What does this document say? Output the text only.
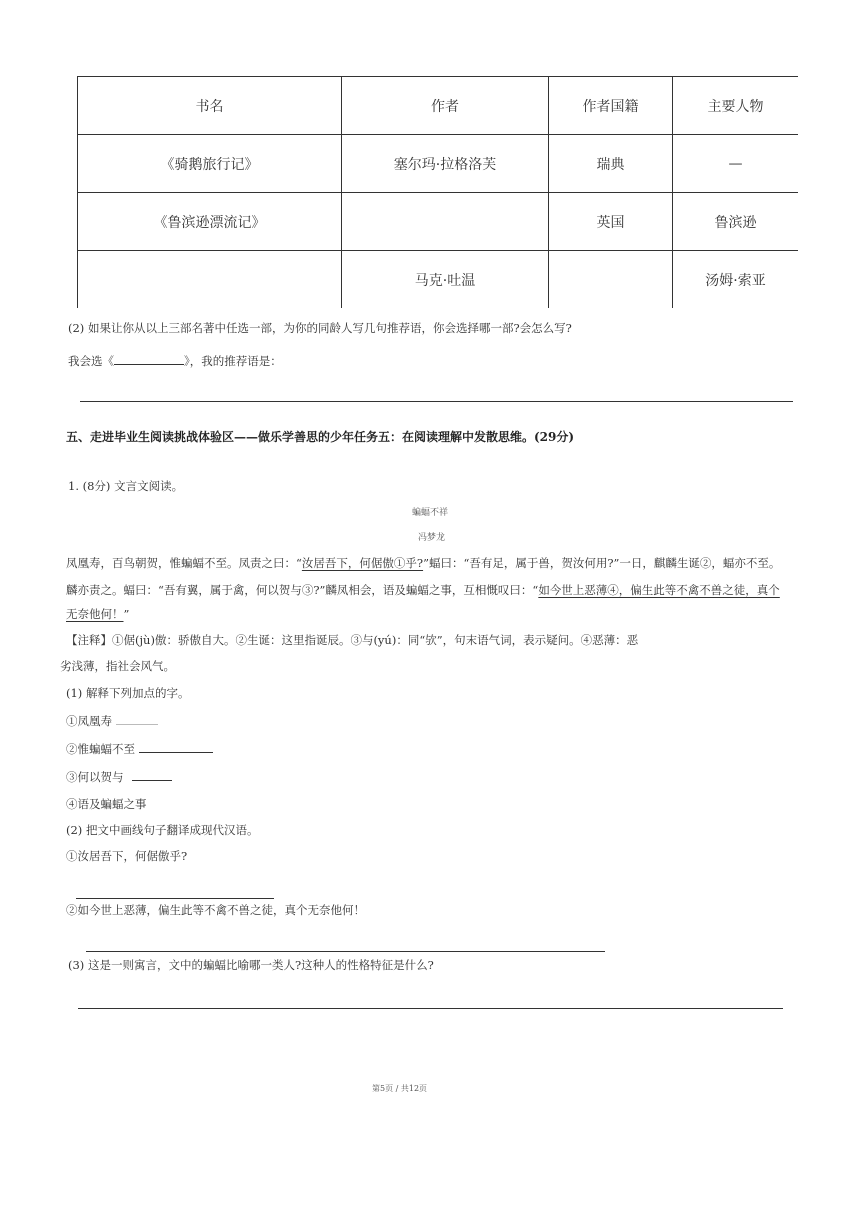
书名	作者	作者国籍	主要人物
《骑鹅旅行记》	塞尔玛·拉格洛芙	瑞典	—
《鲁滨逊漂流记》		英国	鲁滨逊
	马克·吐温		汤姆·索亚
(2) 如果让你从以上三部名著中任选一部，为你的同龄人写几句推荐语，你会选择哪一部?会怎么写?
我会选《	》，我的推荐语是：
五、走进毕业生阅读挑战体验区——做乐学善思的少年任务五：在阅读理解中发散思维。(29分)
1. (8分) 文言文阅读。
蝙蝠不祥
冯梦龙
凤凰寿，百鸟朝贺，惟蝙蝠不至。凤责之曰：“汝居吾下，何倨傲①乎?”蝠曰：“吾有足，属于兽，贺汝何用?”一日，麒麟生诞②，蝠亦不至。
麟亦责之。蝠曰：“吾有翼，属于禽，何以贺与③?”麟凤相会，语及蝙蝠之事，互相慨叹曰：“如今世上恶薄④，偏生此等不禽不兽之徒，真个
无奈他何！”
【注释】①倨(jù)傲：骄傲自大。②生诞：这里指诞辰。③与(yú)：同“欤”，句末语气词，表示疑问。④恶薄：恶
劣浅薄，指社会风气。
(1) 解释下列加点的字。
①凤凰寿
②惟蝙蝠不至
③何以贺与
④语及蝙蝠之事
(2) 把文中画线句子翻译成现代汉语。
①汝居吾下，何倨傲乎?
②如今世上恶薄，偏生此等不禽不兽之徒，真个无奈他何！
(3) 这是一则寓言，文中的蝙蝠比喻哪一类人?这种人的性格特征是什么?
第5页 / 共12页
